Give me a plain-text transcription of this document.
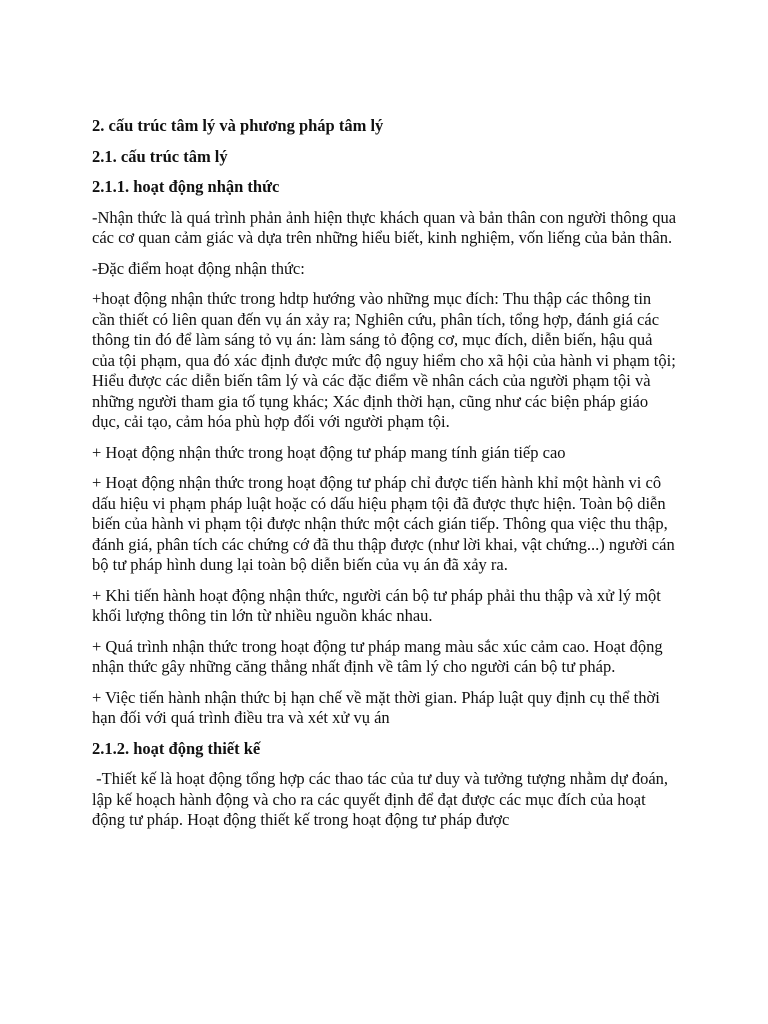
2. cấu trúc tâm lý và phương pháp tâm lý
2.1. cấu trúc tâm lý
2.1.1. hoạt động nhận thức

-Nhận thức là quá trình phản ảnh hiện thực khách quan và bản thân con người thông qua các cơ quan cảm giác và dựa trên những hiểu biết, kinh nghiệm, vốn liếng của bản thân.

-Đặc điểm hoạt động nhận thức:

+hoạt động nhận thức trong hdtp hướng vào những mục đích: Thu thập các thông tin cần thiết có liên quan đến vụ án xảy ra; Nghiên cứu, phân tích, tổng hợp, đánh giá các thông tin đó để làm sáng tỏ vụ án: làm sáng tỏ động cơ, mục đích, diễn biến, hậu quả của tội phạm, qua đó xác định được mức độ nguy hiểm cho xã hội của hành vi phạm tội; Hiểu được các diễn biến tâm lý và các đặc điểm về nhân cách của người phạm tội và những người tham gia tố tụng khác; Xác định thời hạn, cũng như các biện pháp giáo dục, cải tạo, cảm hóa phù hợp đối với người phạm tội.

+ Hoạt động nhận thức trong hoạt động tư pháp mang tính gián tiếp cao

+ Hoạt động nhận thức trong hoạt động tư pháp chỉ được tiến hành khỉ một hành vi cô dấu hiệu vi phạm pháp luật hoặc có dấu hiệu phạm tội đã được thực hiện. Toàn bộ diễn biến của hành vi phạm tội được nhận thức một cách gián tiếp. Thông qua việc thu thập, đánh giá, phân tích các chứng cớ đã thu thập được (như lời khai, vật chứng...) người cán bộ tư pháp hình dung lại toàn bộ diễn biến của vụ án đã xảy ra.

+ Khi tiến hành hoạt động nhận thức, người cán bộ tư pháp phải thu thập và xử lý một khối lượng thông tin lớn từ nhiều nguồn khác nhau.

+ Quá trình nhận thức trong hoạt động tư pháp mang màu sắc xúc cảm cao. Hoạt động nhận thức gây những căng thẳng nhất định về tâm lý cho người cán bộ tư pháp.

+ Việc tiến hành nhận thức bị hạn chế về mặt thời gian. Pháp luật quy định cụ thể thời hạn đối với quá trình điều tra và xét xử vụ án

2.1.2. hoạt động thiết kế

-Thiết kế là hoạt động tổng hợp các thao tác của tư duy và tưởng tượng nhằm dự đoán, lập kế hoạch hành động và cho ra các quyết định để đạt được các mục đích của hoạt động tư pháp. Hoạt động thiết kế trong hoạt động tư pháp được
